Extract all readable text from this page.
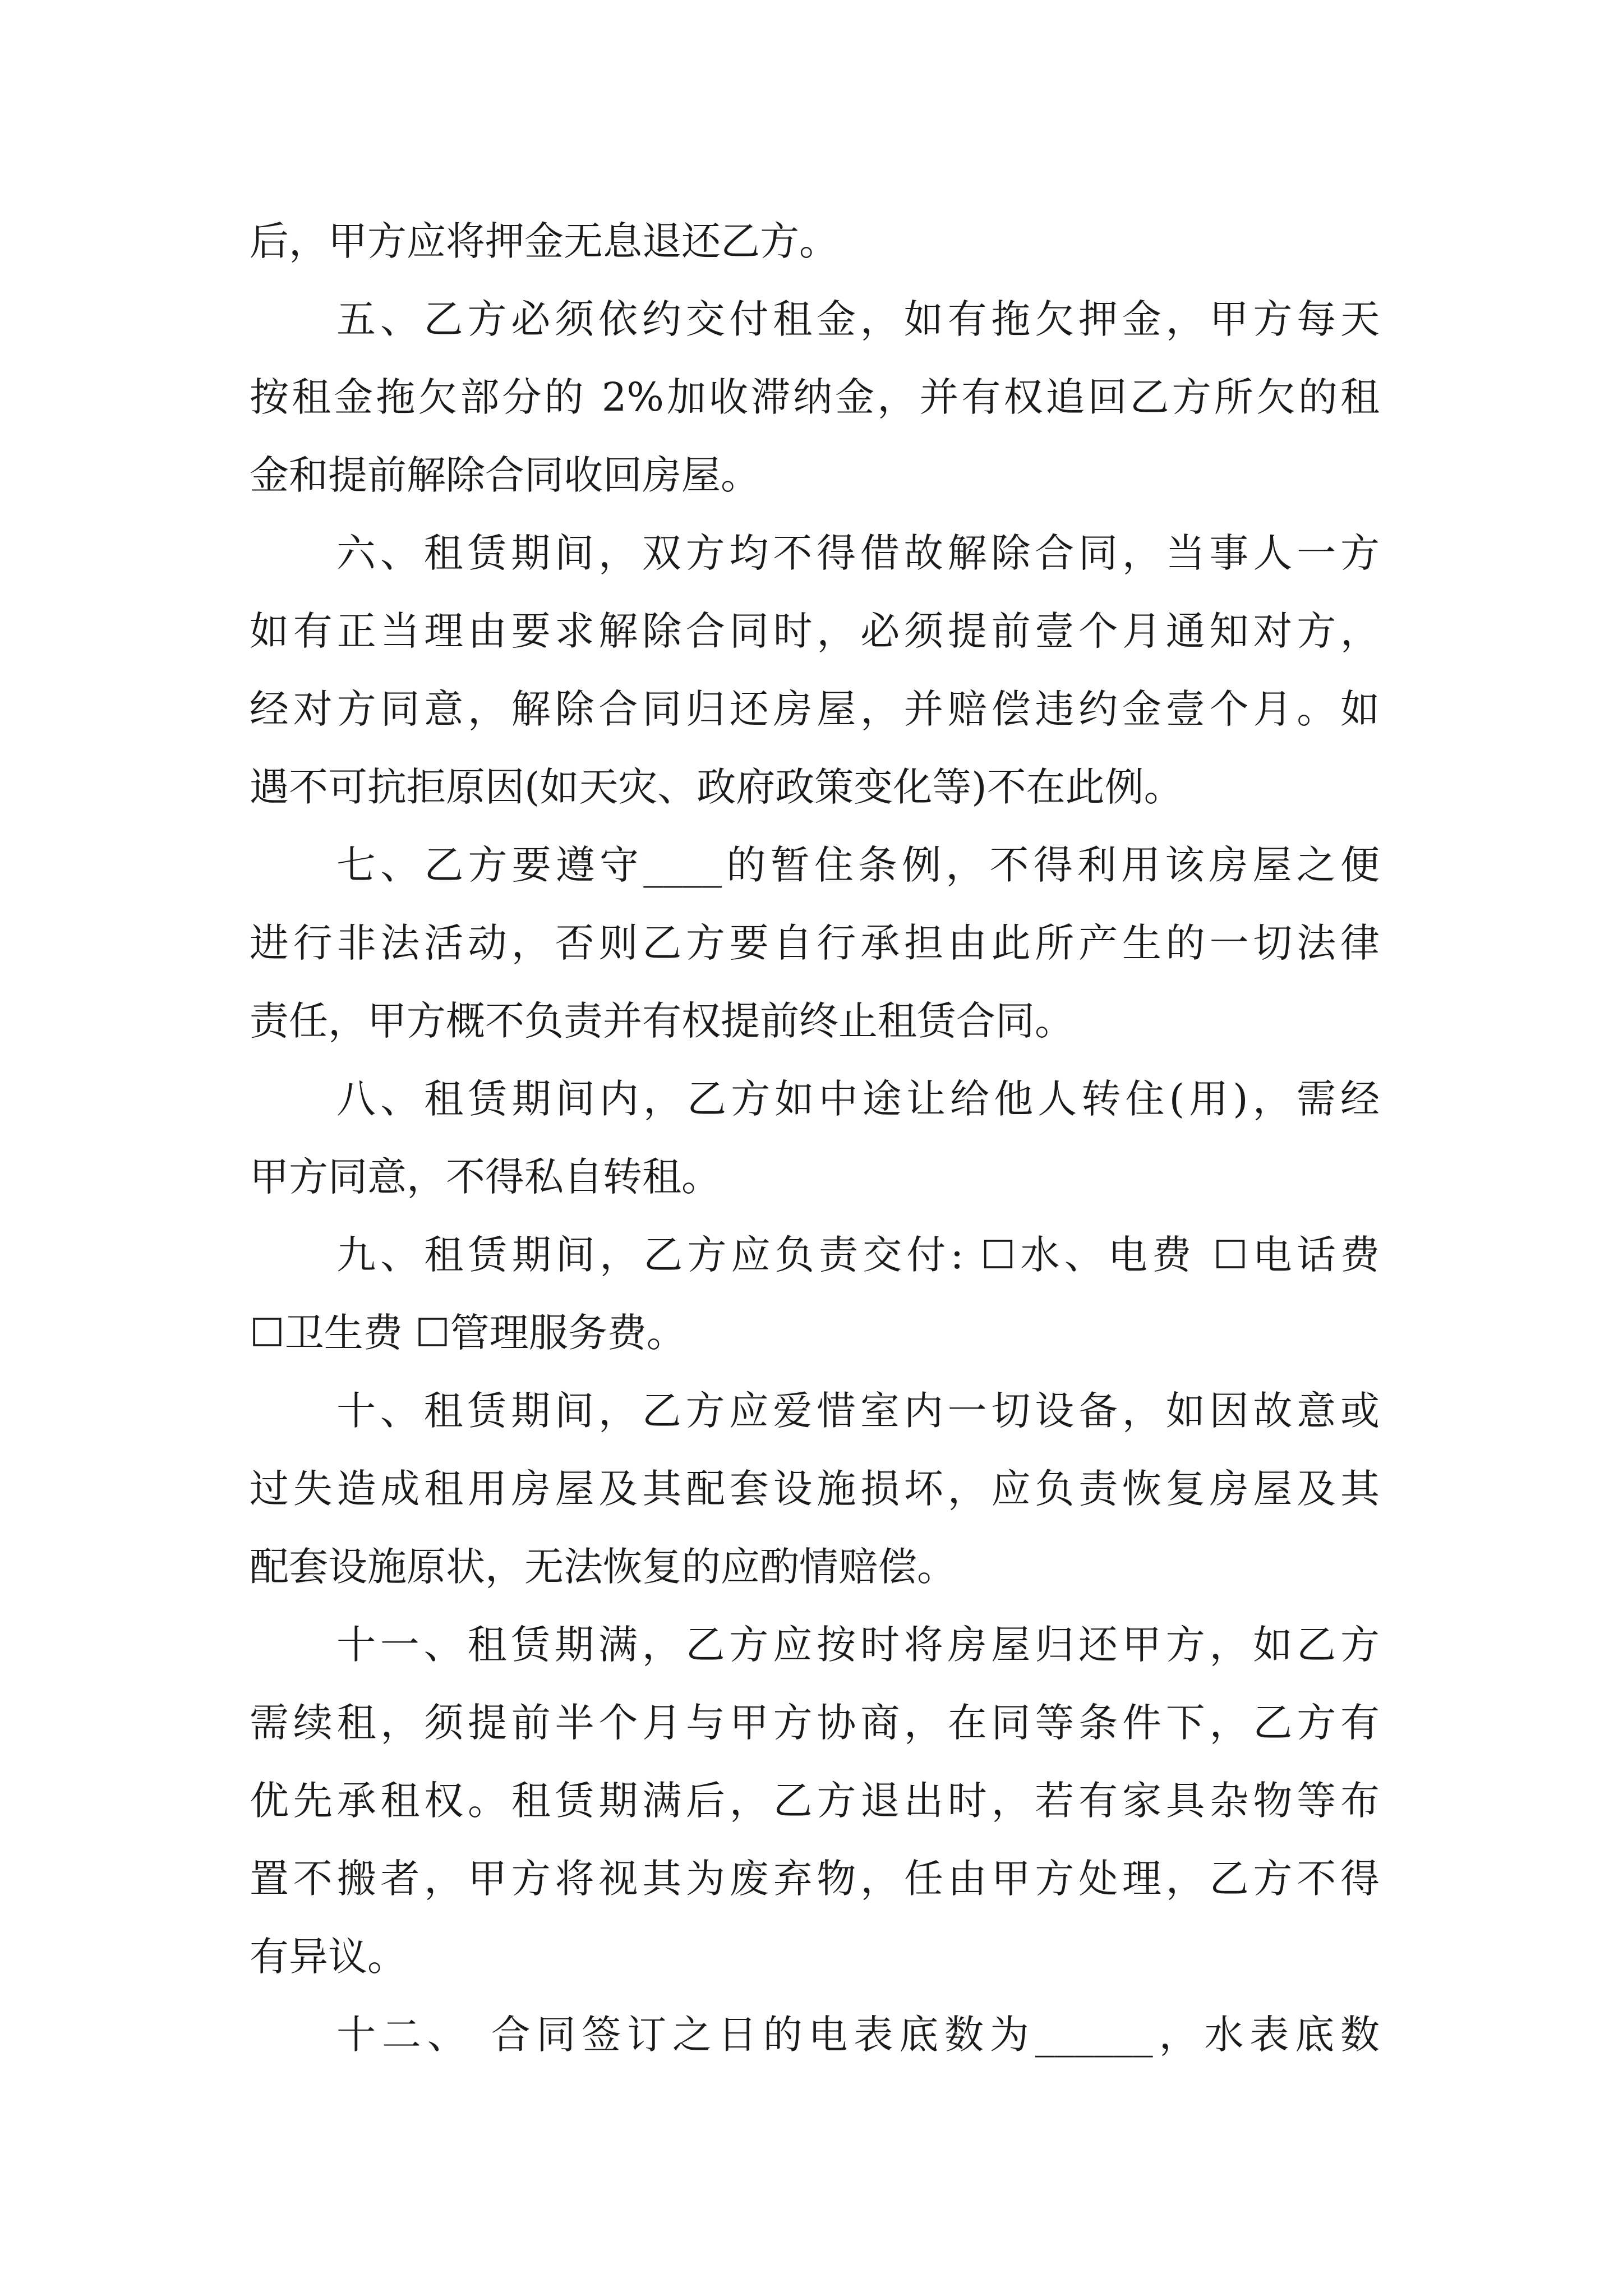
后，甲方应将押金无息退还乙方。
五、乙方必须依约交付租金，如有拖欠押金，甲方每天
按租金拖欠部分的 2%加收滞纳金，并有权追回乙方所欠的租
金和提前解除合同收回房屋。
六、租赁期间，双方均不得借故解除合同，当事人一方
如有正当理由要求解除合同时，必须提前壹个月通知对方，
经对方同意，解除合同归还房屋，并赔偿违约金壹个月。如
遇不可抗拒原因(如天灾、政府政策变化等)不在此例。
七、乙方要遵守____的暂住条例，不得利用该房屋之便
进行非法活动，否则乙方要自行承担由此所产生的一切法律
责任，甲方概不负责并有权提前终止租赁合同。
八、租赁期间内，乙方如中途让给他人转住(用)，需经
甲方同意，不得私自转租。
九、租赁期间，乙方应负责交付: ☐水、电费 ☐电话费
☐卫生费 ☐管理服务费。
十、租赁期间，乙方应爱惜室内一切设备，如因故意或
过失造成租用房屋及其配套设施损坏，应负责恢复房屋及其
配套设施原状，无法恢复的应酌情赔偿。
十一、租赁期满，乙方应按时将房屋归还甲方，如乙方
需续租，须提前半个月与甲方协商，在同等条件下，乙方有
优先承租权。租赁期满后，乙方退出时，若有家具杂物等布
置不搬者，甲方将视其为废弃物，任由甲方处理，乙方不得
有异议。
十二、 合同签订之日的电表底数为______，水表底数
